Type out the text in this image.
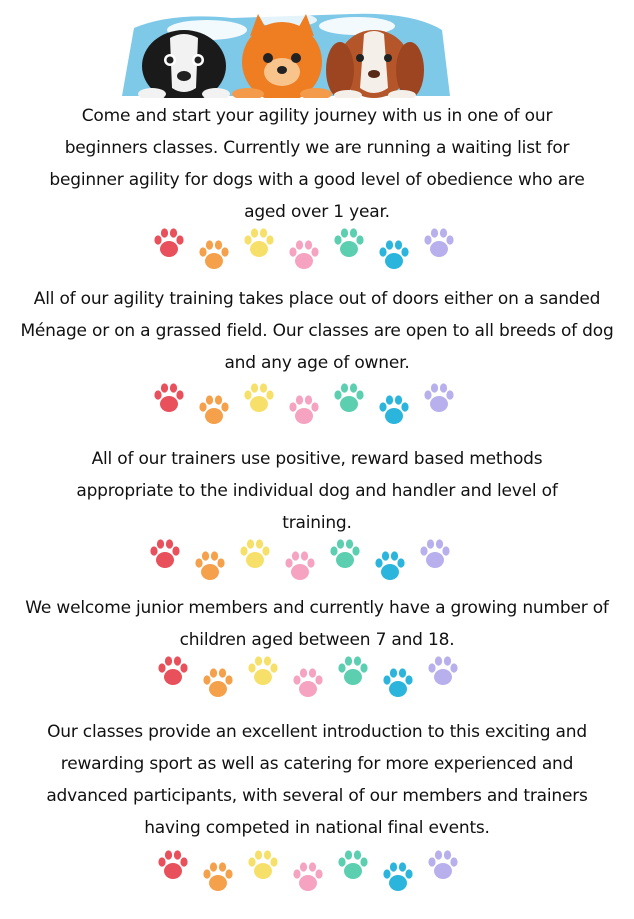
Come and start your agility journey with us in one of our
beginners classes. Currently we are running a waiting list for
beginner agility for dogs with a good level of obedience who are
aged over 1 year.
All of our agility training takes place out of doors either on a sanded
Ménage or on a grassed field. Our classes are open to all breeds of dog
and any age of owner.
All of our trainers use positive, reward based methods
appropriate to the individual dog and handler and level of
training.
We welcome junior members and currently have a growing number of
children aged between 7 and 18.
Our classes provide an excellent introduction to this exciting and
rewarding sport as well as catering for more experienced and
advanced participants, with several of our members and trainers
having competed in national final events.
